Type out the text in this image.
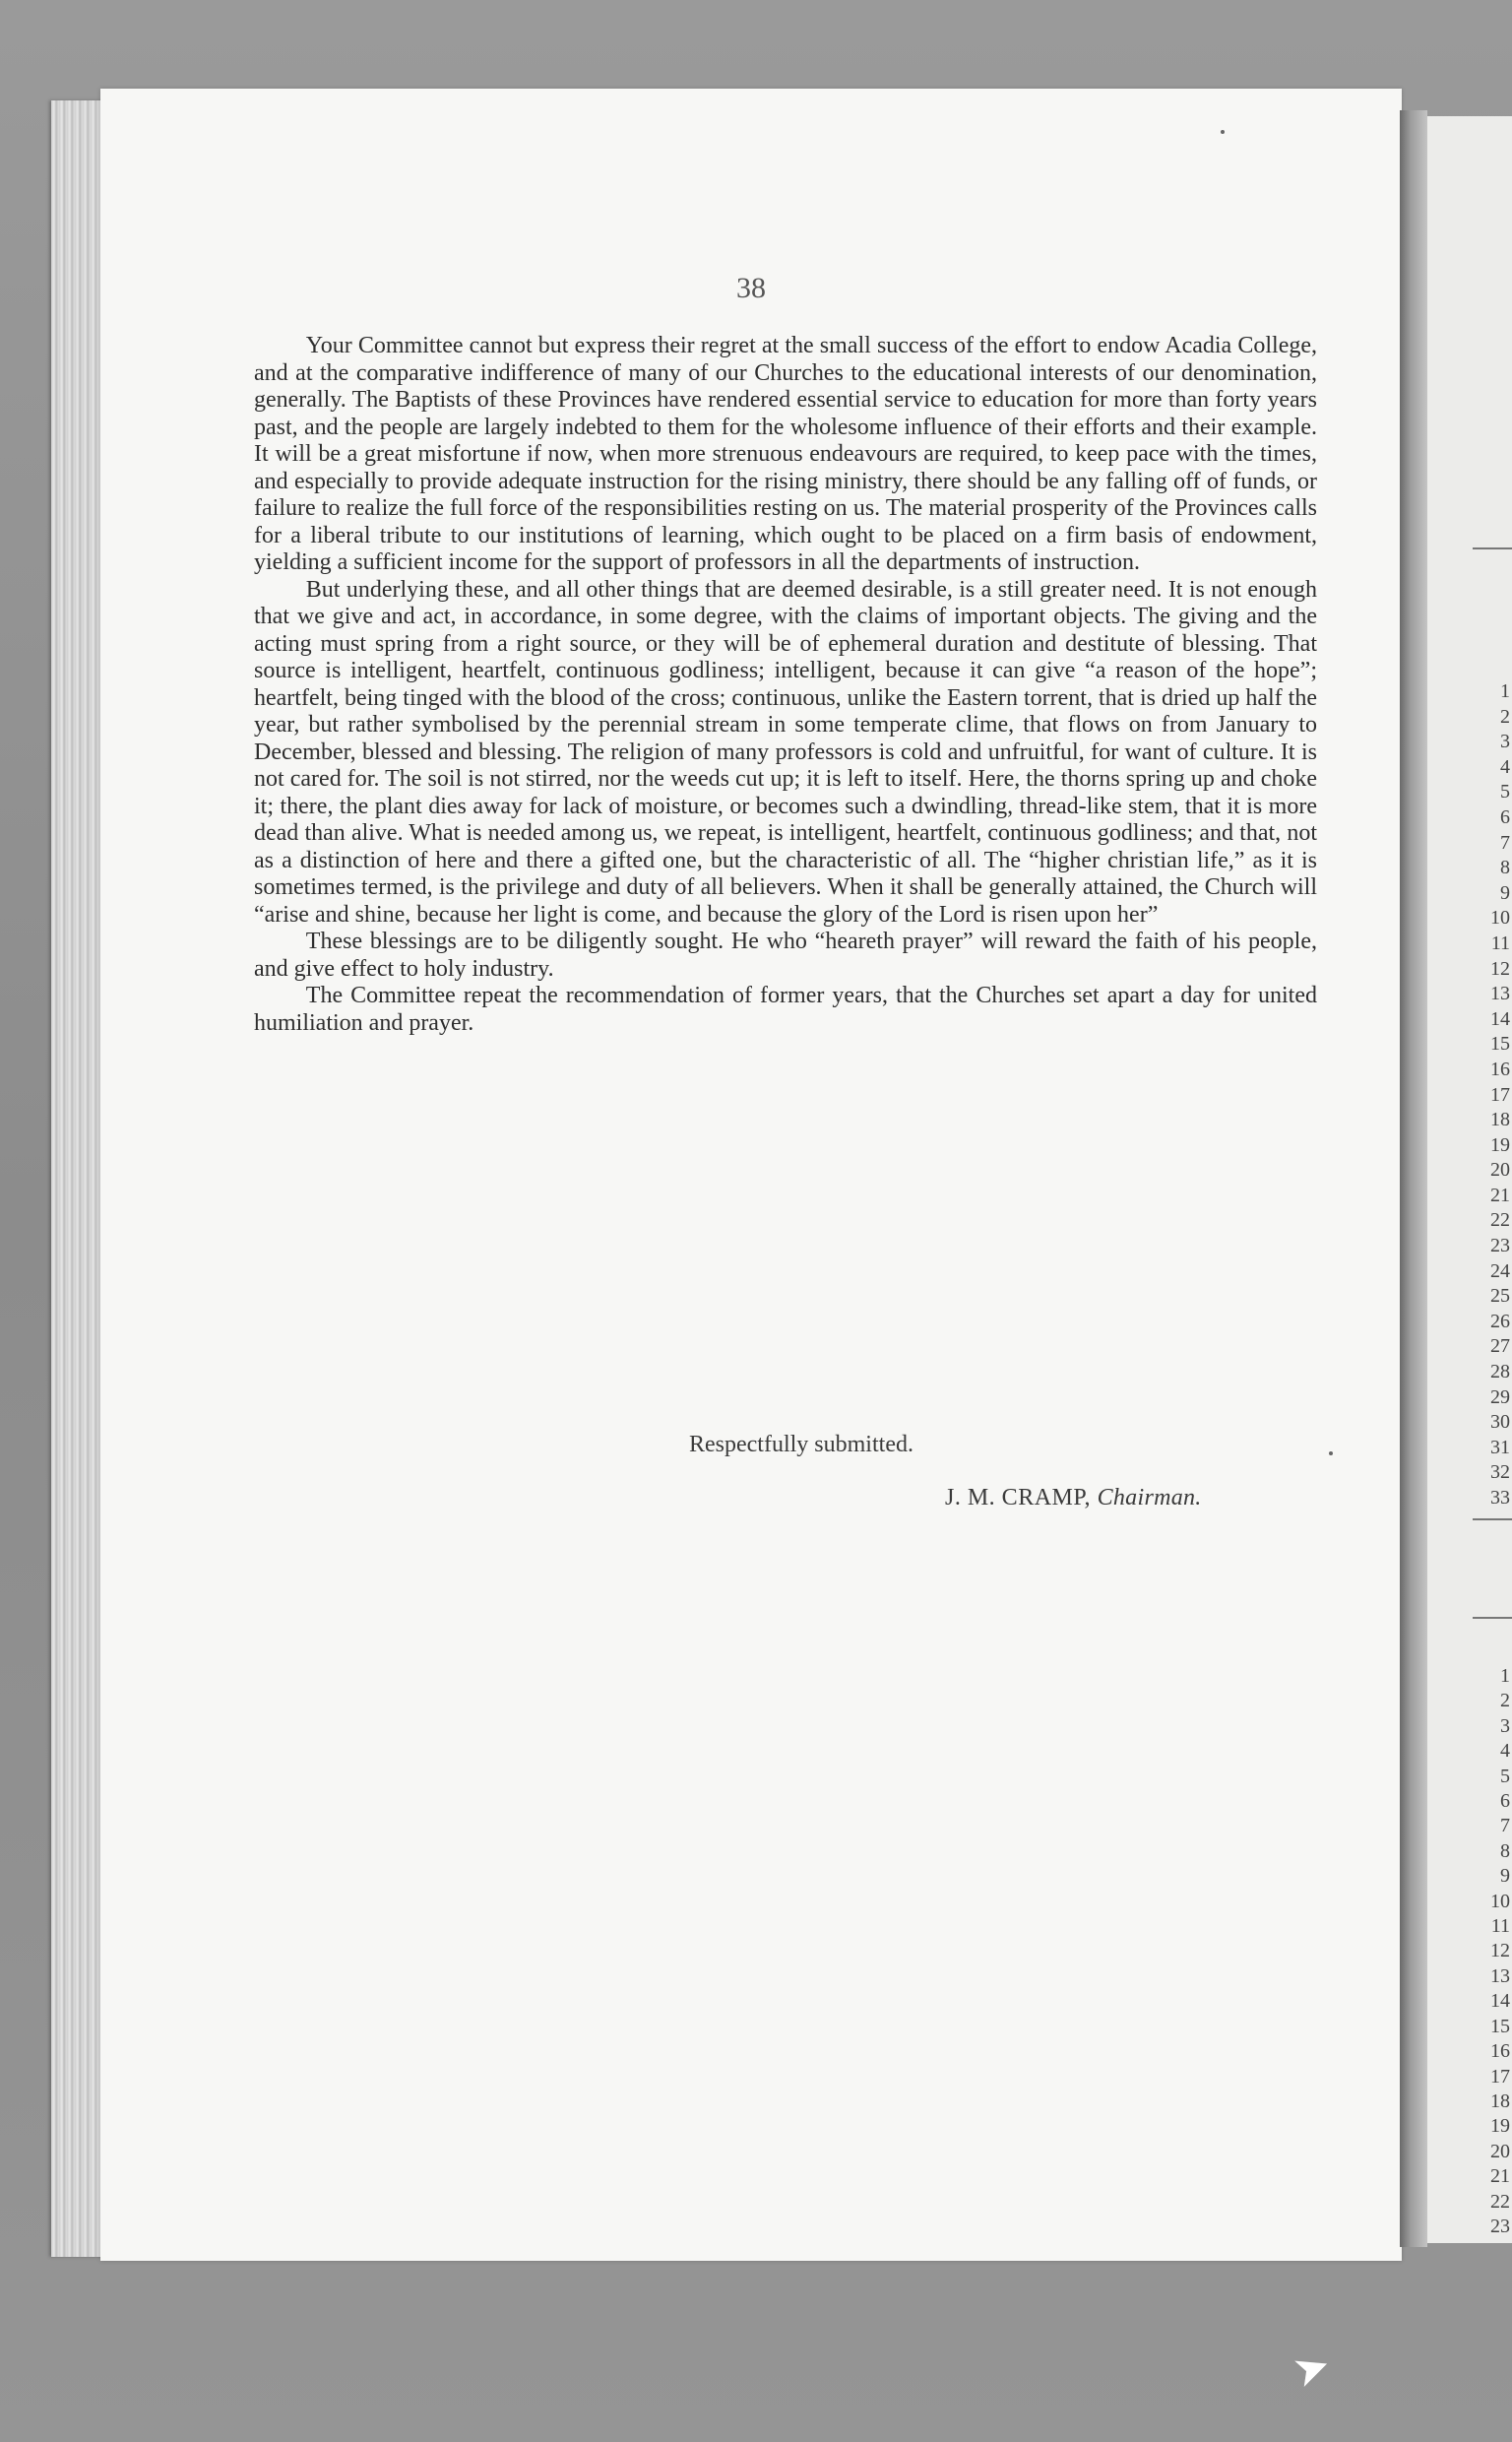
38

Your Committee cannot but express their regret at the small success of the effort to endow Acadia College, and at the comparative indifference of many of our Churches to the educational interests of our denomination, generally. The Baptists of these Provinces have rendered essential service to education for more than forty years past, and the people are largely indebted to them for the wholesome influence of their efforts and their example. It will be a great misfortune if now, when more strenuous endeavours are required, to keep pace with the times, and especially to provide adequate instruction for the rising ministry, there should be any falling off of funds, or failure to realize the full force of the responsibilities resting on us. The material prosperity of the Provinces calls for a liberal tribute to our institutions of learning, which ought to be placed on a firm basis of endowment, yielding a sufficient income for the support of professors in all the departments of instruction.

But underlying these, and all other things that are deemed desirable, is a still greater need. It is not enough that we give and act, in accordance, in some degree, with the claims of important objects. The giving and the acting must spring from a right source, or they will be of ephemeral duration and destitute of blessing. That source is intelligent, heartfelt, continuous godliness; intelligent, because it can give “a reason of the hope”; heartfelt, being tinged with the blood of the cross; continuous, unlike the Eastern torrent, that is dried up half the year, but rather symbolised by the perennial stream in some temperate clime, that flows on from January to December, blessed and blessing. The religion of many professors is cold and unfruitful, for want of culture. It is not cared for. The soil is not stirred, nor the weeds cut up; it is left to itself. Here, the thorns spring up and choke it; there, the plant dies away for lack of moisture, or becomes such a dwindling, thread-like stem, that it is more dead than alive. What is needed among us, we repeat, is intelligent, heartfelt, continuous godliness; and that, not as a distinction of here and there a gifted one, but the characteristic of all. The “higher christian life,” as it is sometimes termed, is the privilege and duty of all believers. When it shall be generally attained, the Church will “arise and shine, because her light is come, and because the glory of the Lord is risen upon her”

These blessings are to be diligently sought. He who “heareth prayer” will reward the faith of his people, and give effect to holy industry.

The Committee repeat the recommendation of former years, that the Churches set apart a day for united humiliation and prayer.

Respectfully submitted.
J. M. CRAMP, Chairman.
1
2
3
4
5
6
7
8
9
10
11
12
13
14
15
16
17
18
19
20
21
22
23
24
25
26
27
28
29
30
31
32
33
1
2
3
4
5
6
7
8
9
10
11
12
13
14
15
16
17
18
19
20
21
22
23
➤
